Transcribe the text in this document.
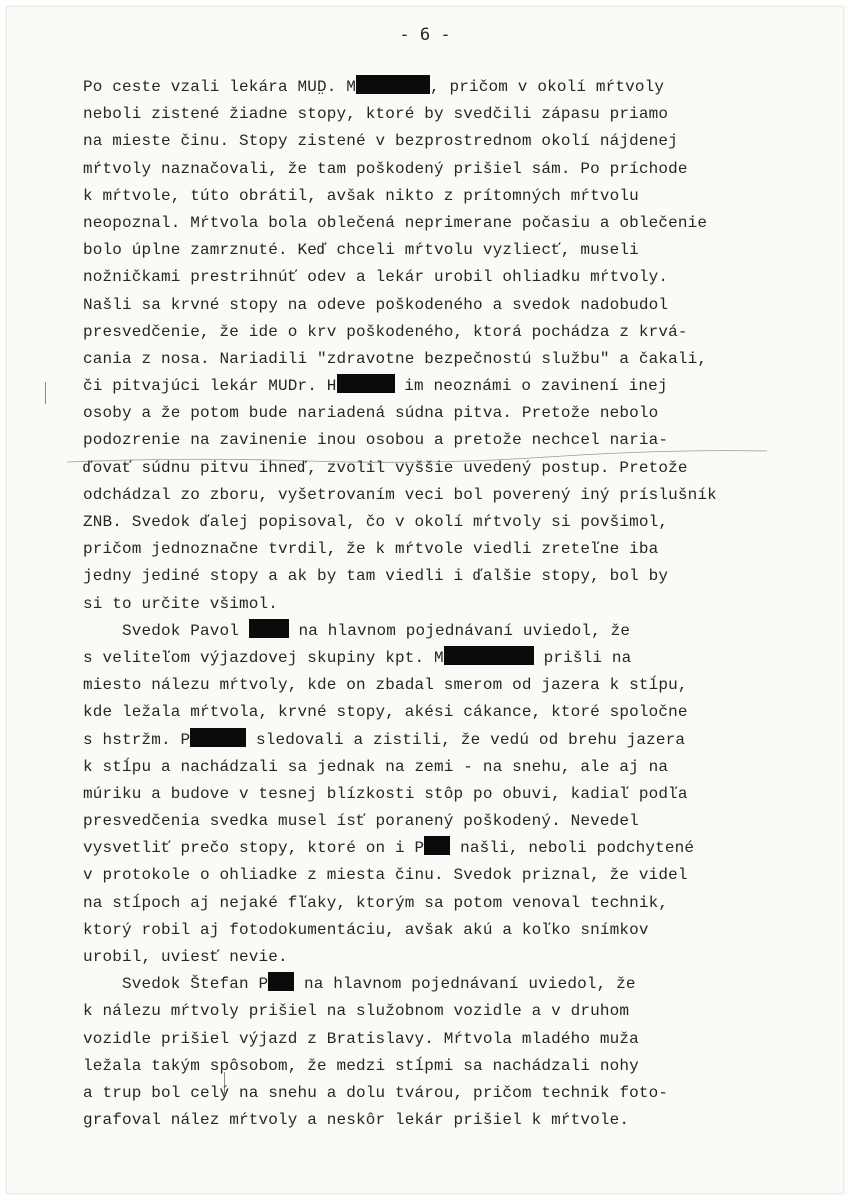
- 6 -
Po ceste vzali lekára MUD̤. M	, pričom v okolí mŕtvoly
neboli zistené žiadne stopy, ktoré by svedčili zápasu priamo
na mieste činu. Stopy zistené v bezprostrednom okolí nájdenej
mŕtvoly naznačovali, že tam poškodený prišiel sám. Po príchode
k mŕtvole, túto obrátil, avšak nikto z prítomných mŕtvolu
neopoznal. Mŕtvola bola oblečená neprimerane počasiu a oblečenie
bolo úplne zamrznuté. Keď chceli mŕtvolu vyzliecť, museli
nožničkami prestrihnúť odev a lekár urobil ohliadku mŕtvoly.
Našli sa krvné stopy na odeve poškodeného a svedok nadobudol
presvedčenie, že ide o krv poškodeného, ktorá pochádza z krvá-
cania z nosa. Nariadili "zdravotne bezpečnostú službu" a čakali,
či pitvajúci lekár MUDr. H	im neoznámi o zavinení inej
osoby a že potom bude nariadená súdna pitva. Pretože nebolo
podozrenie na zavinenie inou osobou a pretože nechcel naria-
ďovať súdnu pitvu ihneď, zvolil vyššie uvedený postup. Pretože
odchádzal zo zboru, vyšetrovaním veci bol poverený iný príslušník
ZNB. Svedok ďalej popisoval, čo v okolí mŕtvoly si povšimol,
pričom jednoznačne tvrdil, že k mŕtvole viedli zreteľne iba
jedny jediné stopy a ak by tam viedli i ďalšie stopy, bol by
si to určite všimol.
Svedok Pavol	na hlavnom pojednávaní uviedol, že
s veliteľom výjazdovej skupiny kpt. M	prišli na
miesto nálezu mŕtvoly, kde on zbadal smerom od jazera k stĺpu,
kde ležala mŕtvola, krvné stopy, akési cákance, ktoré spoločne
s hstržm. P	sledovali a zistili, že vedú od brehu jazera
k stĺpu a nachádzali sa jednak na zemi - na snehu, ale aj na
múriku a budove v tesnej blízkosti stôp po obuvi, kadiaľ podľa
presvedčenia svedka musel ísť poranený poškodený. Nevedel
vysvetliť prečo stopy, ktoré on i P našli, neboli podchytené
v protokole o ohliadke z miesta činu. Svedok priznal, že videl
na stĺpoch aj nejaké fľaky, ktorým sa potom venoval technik,
ktorý robil aj fotodokumentáciu, avšak akú a koľko snímkov
urobil, uviesť nevie.
Svedok Štefan P na hlavnom pojednávaní uviedol, že
k nálezu mŕtvoly prišiel na služobnom vozidle a v druhom
vozidle prišiel výjazd z Bratislavy. Mŕtvola mladého muža
ležala takým spôsobom, že medzi stĺpmi sa nachádzali nohy
a trup bol celý na snehu a dolu tvárou, pričom technik foto-
grafoval nález mŕtvoly a neskôr lekár prišiel k mŕtvole.
